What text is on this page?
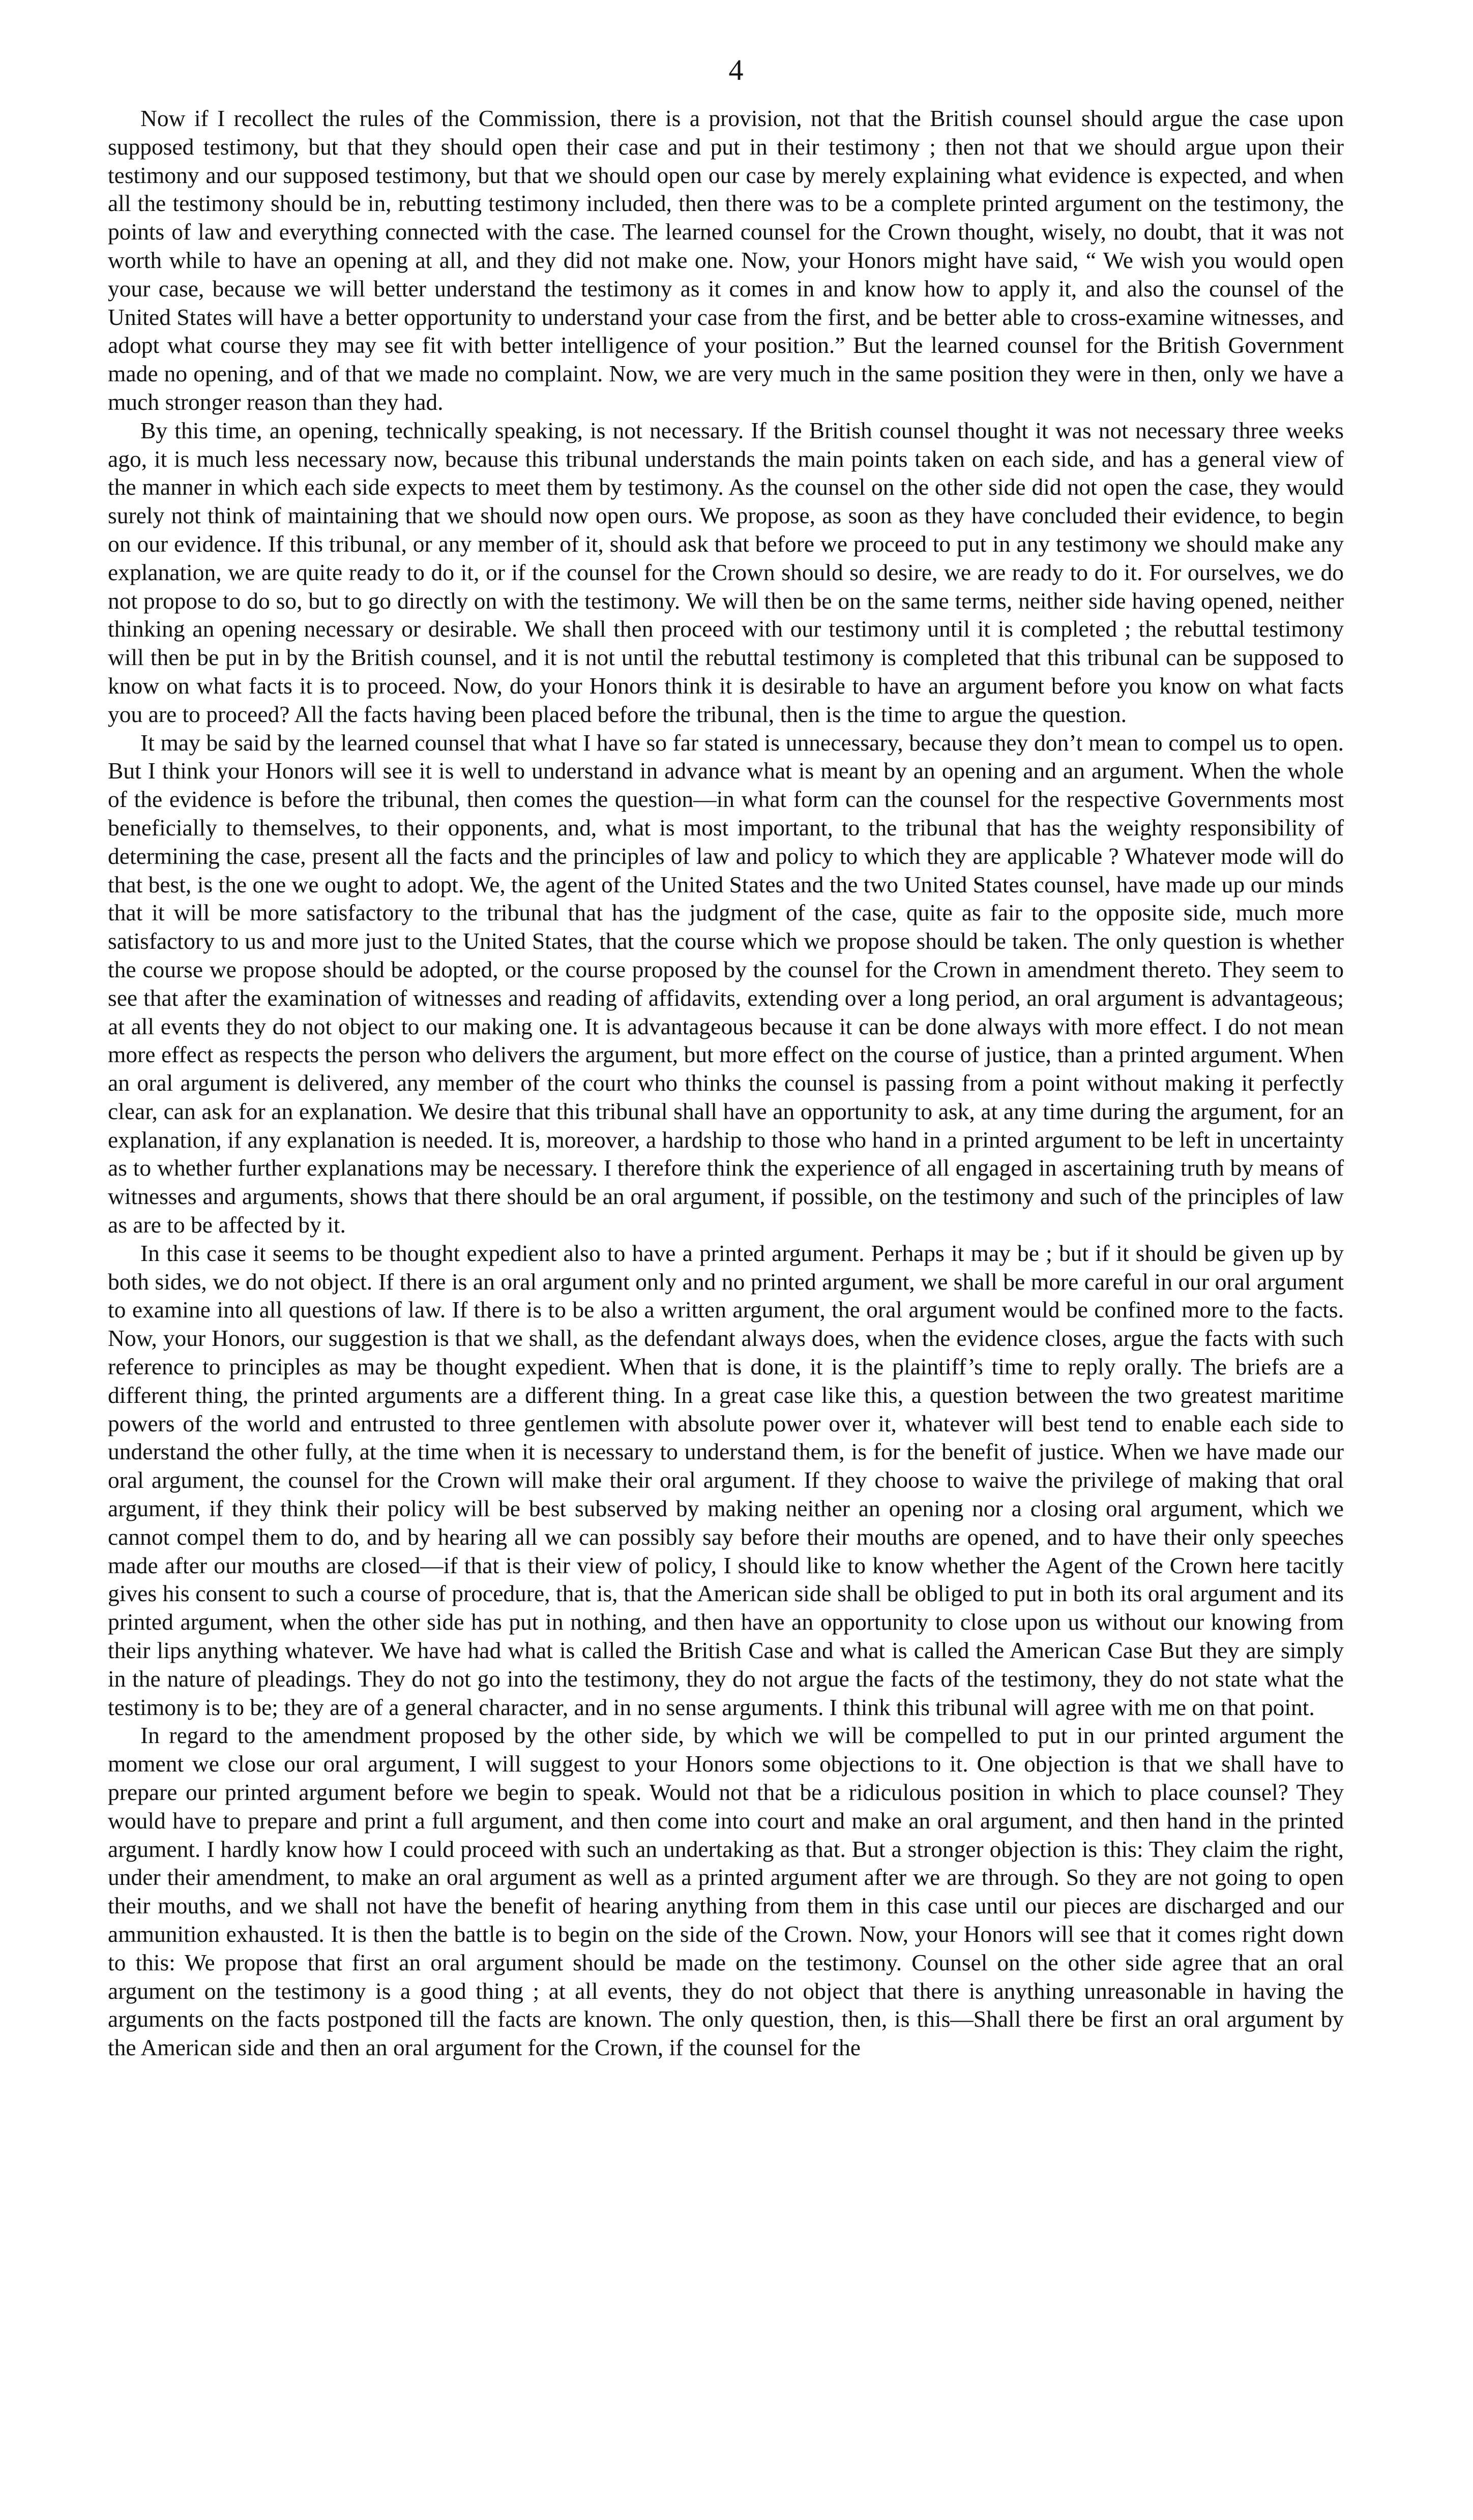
4

Now if I recollect the rules of the Commission, there is a provision, not that the British counsel should argue the case upon supposed testimony, but that they should open their case and put in their testimony ; then not that we should argue upon their testimony and our supposed testimony, but that we should open our case by merely explaining what evidence is expected, and when all the testimony should be in, rebutting testimony included, then there was to be a complete printed argument on the testimony, the points of law and everything connected with the case. The learned counsel for the Crown thought, wisely, no doubt, that it was not worth while to have an opening at all, and they did not make one. Now, your Honors might have said, “ We wish you would open your case, because we will better understand the testimony as it comes in and know how to apply it, and also the counsel of the United States will have a better opportunity to understand your case from the first, and be better able to cross-examine witnesses, and adopt what course they may see fit with better intelligence of your position.” But the learned counsel for the British Government made no opening, and of that we made no complaint. Now, we are very much in the same position they were in then, only we have a much stronger reason than they had.

By this time, an opening, technically speaking, is not necessary. If the British counsel thought it was not necessary three weeks ago, it is much less necessary now, because this tribunal understands the main points taken on each side, and has a general view of the manner in which each side expects to meet them by testimony. As the counsel on the other side did not open the case, they would surely not think of maintaining that we should now open ours. We propose, as soon as they have concluded their evidence, to begin on our evidence. If this tribunal, or any member of it, should ask that before we proceed to put in any testimony we should make any explanation, we are quite ready to do it, or if the counsel for the Crown should so desire, we are ready to do it. For ourselves, we do not propose to do so, but to go directly on with the testimony. We will then be on the same terms, neither side having opened, neither thinking an opening necessary or desirable. We shall then proceed with our testimony until it is completed ; the rebuttal testimony will then be put in by the British counsel, and it is not until the rebuttal testimony is completed that this tribunal can be supposed to know on what facts it is to proceed. Now, do your Honors think it is desirable to have an argument before you know on what facts you are to proceed? All the facts having been placed before the tribunal, then is the time to argue the question.

It may be said by the learned counsel that what I have so far stated is unnecessary, because they don’t mean to compel us to open. But I think your Honors will see it is well to understand in advance what is meant by an opening and an argument. When the whole of the evidence is before the tribunal, then comes the question—in what form can the counsel for the respective Governments most beneficially to themselves, to their opponents, and, what is most important, to the tribunal that has the weighty responsibility of determining the case, present all the facts and the principles of law and policy to which they are applicable ? Whatever mode will do that best, is the one we ought to adopt. We, the agent of the United States and the two United States counsel, have made up our minds that it will be more satisfactory to the tribunal that has the judgment of the case, quite as fair to the opposite side, much more satisfactory to us and more just to the United States, that the course which we propose should be taken. The only question is whether the course we propose should be adopted, or the course proposed by the counsel for the Crown in amendment thereto. They seem to see that after the examination of witnesses and reading of affidavits, extending over a long period, an oral argument is advantageous; at all events they do not object to our making one. It is advantageous because it can be done always with more effect. I do not mean more effect as respects the person who delivers the argument, but more effect on the course of justice, than a printed argument. When an oral argument is delivered, any member of the court who thinks the counsel is passing from a point without making it perfectly clear, can ask for an explanation. We desire that this tribunal shall have an opportunity to ask, at any time during the argument, for an explanation, if any explanation is needed. It is, moreover, a hardship to those who hand in a printed argument to be left in uncertainty as to whether further explanations may be necessary. I therefore think the experience of all engaged in ascertaining truth by means of witnesses and arguments, shows that there should be an oral argument, if possible, on the testimony and such of the principles of law as are to be affected by it.

In this case it seems to be thought expedient also to have a printed argument. Perhaps it may be ; but if it should be given up by both sides, we do not object. If there is an oral argument only and no printed argument, we shall be more careful in our oral argument to examine into all questions of law. If there is to be also a written argument, the oral argument would be confined more to the facts. Now, your Honors, our suggestion is that we shall, as the defendant always does, when the evidence closes, argue the facts with such reference to principles as may be thought expedient. When that is done, it is the plaintiff’s time to reply orally. The briefs are a different thing, the printed arguments are a different thing. In a great case like this, a question between the two greatest maritime powers of the world and entrusted to three gentlemen with absolute power over it, whatever will best tend to enable each side to understand the other fully, at the time when it is necessary to understand them, is for the benefit of justice. When we have made our oral argument, the counsel for the Crown will make their oral argument. If they choose to waive the privilege of making that oral argument, if they think their policy will be best subserved by making neither an opening nor a closing oral argument, which we cannot compel them to do, and by hearing all we can possibly say before their mouths are opened, and to have their only speeches made after our mouths are closed—if that is their view of policy, I should like to know whether the Agent of the Crown here tacitly gives his consent to such a course of procedure, that is, that the American side shall be obliged to put in both its oral argument and its printed argument, when the other side has put in nothing, and then have an opportunity to close upon us without our knowing from their lips anything whatever. We have had what is called the British Case and what is called the American Case But they are simply in the nature of pleadings. They do not go into the testimony, they do not argue the facts of the testimony, they do not state what the testimony is to be; they are of a general character, and in no sense arguments. I think this tribunal will agree with me on that point.

In regard to the amendment proposed by the other side, by which we will be compelled to put in our printed argument the moment we close our oral argument, I will suggest to your Honors some objections to it. One objection is that we shall have to prepare our printed argument before we begin to speak. Would not that be a ridiculous position in which to place counsel? They would have to prepare and print a full argument, and then come into court and make an oral argument, and then hand in the printed argument. I hardly know how I could proceed with such an undertaking as that. But a stronger objection is this: They claim the right, under their amendment, to make an oral argument as well as a printed argument after we are through. So they are not going to open their mouths, and we shall not have the benefit of hearing anything from them in this case until our pieces are discharged and our ammunition exhausted. It is then the battle is to begin on the side of the Crown. Now, your Honors will see that it comes right down to this: We propose that first an oral argument should be made on the testimony. Counsel on the other side agree that an oral argument on the testimony is a good thing ; at all events, they do not object that there is anything unreasonable in having the arguments on the facts postponed till the facts are known. The only question, then, is this—Shall there be first an oral argument by the American side and then an oral argument for the Crown, if the counsel for the
